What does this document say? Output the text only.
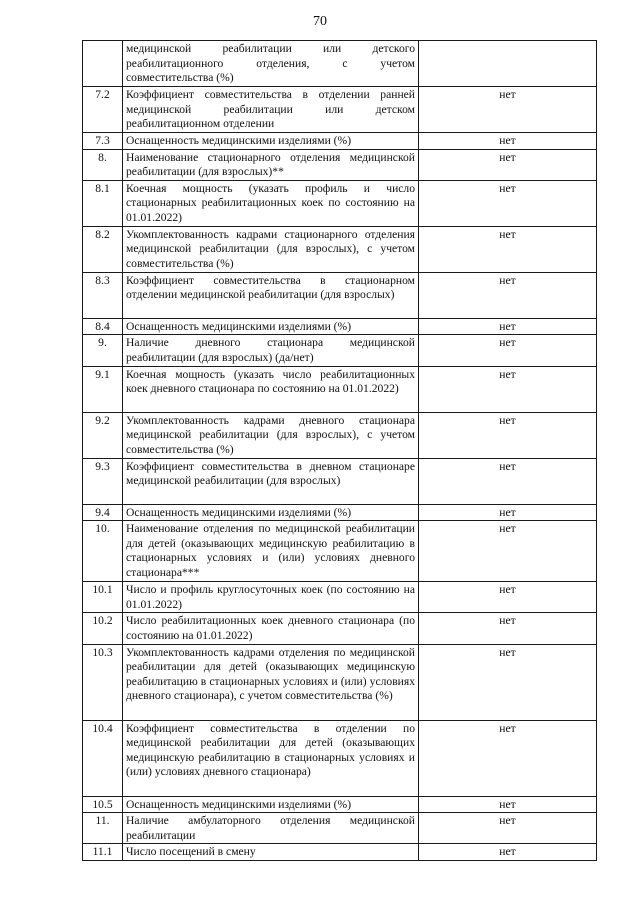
70
	медицинской реабилитации или детского реабилитационного отделения, с учетом совместительства (%)	
7.2	Коэффициент совместительства в отделении ранней медицинской реабилитации или детском реабилитационном отделении	нет
7.3	Оснащенность медицинскими изделиями (%)	нет
8.	Наименование стационарного отделения медицинской реабилитации (для взрослых)**	нет
8.1	Коечная мощность (указать профиль и число стационарных реабилитационных коек по состоянию на 01.01.2022)	нет
8.2	Укомплектованность кадрами стационарного отделения медицинской реабилитации (для взрослых), с учетом совместительства (%)	нет
8.3	Коэффициент совместительства в стационарном отделении медицинской реабилитации (для взрослых)	нет
8.4	Оснащенность медицинскими изделиями (%)	нет
9.	Наличие дневного стационара медицинской реабилитации (для взрослых) (да/нет)	нет
9.1	Коечная мощность (указать число реабилитационных коек дневного стационара по состоянию на 01.01.2022)	нет
9.2	Укомплектованность кадрами дневного стационара медицинской реабилитации (для взрослых), с учетом совместительства (%)	нет
9.3	Коэффициент совместительства в дневном стационаре медицинской реабилитации (для взрослых)	нет
9.4	Оснащенность медицинскими изделиями (%)	нет
10.	Наименование отделения по медицинской реабилитации для детей (оказывающих медицинскую реабилитацию в стационарных условиях и (или) условиях дневного стационара***	нет
10.1	Число и профиль круглосуточных коек (по состоянию на 01.01.2022)	нет
10.2	Число реабилитационных коек дневного стационара (по состоянию на 01.01.2022)	нет
10.3	Укомплектованность кадрами отделения по медицинской реабилитации для детей (оказывающих медицинскую реабилитацию в стационарных условиях и (или) условиях дневного стационара), с учетом совместительства (%)	нет
10.4	Коэффициент совместительства в отделении по медицинской реабилитации для детей (оказывающих медицинскую реабилитацию в стационарных условиях и (или) условиях дневного стационара)	нет
10.5	Оснащенность медицинскими изделиями (%)	нет
11.	Наличие амбулаторного отделения медицинской реабилитации	нет
11.1	Число посещений в смену	нет
